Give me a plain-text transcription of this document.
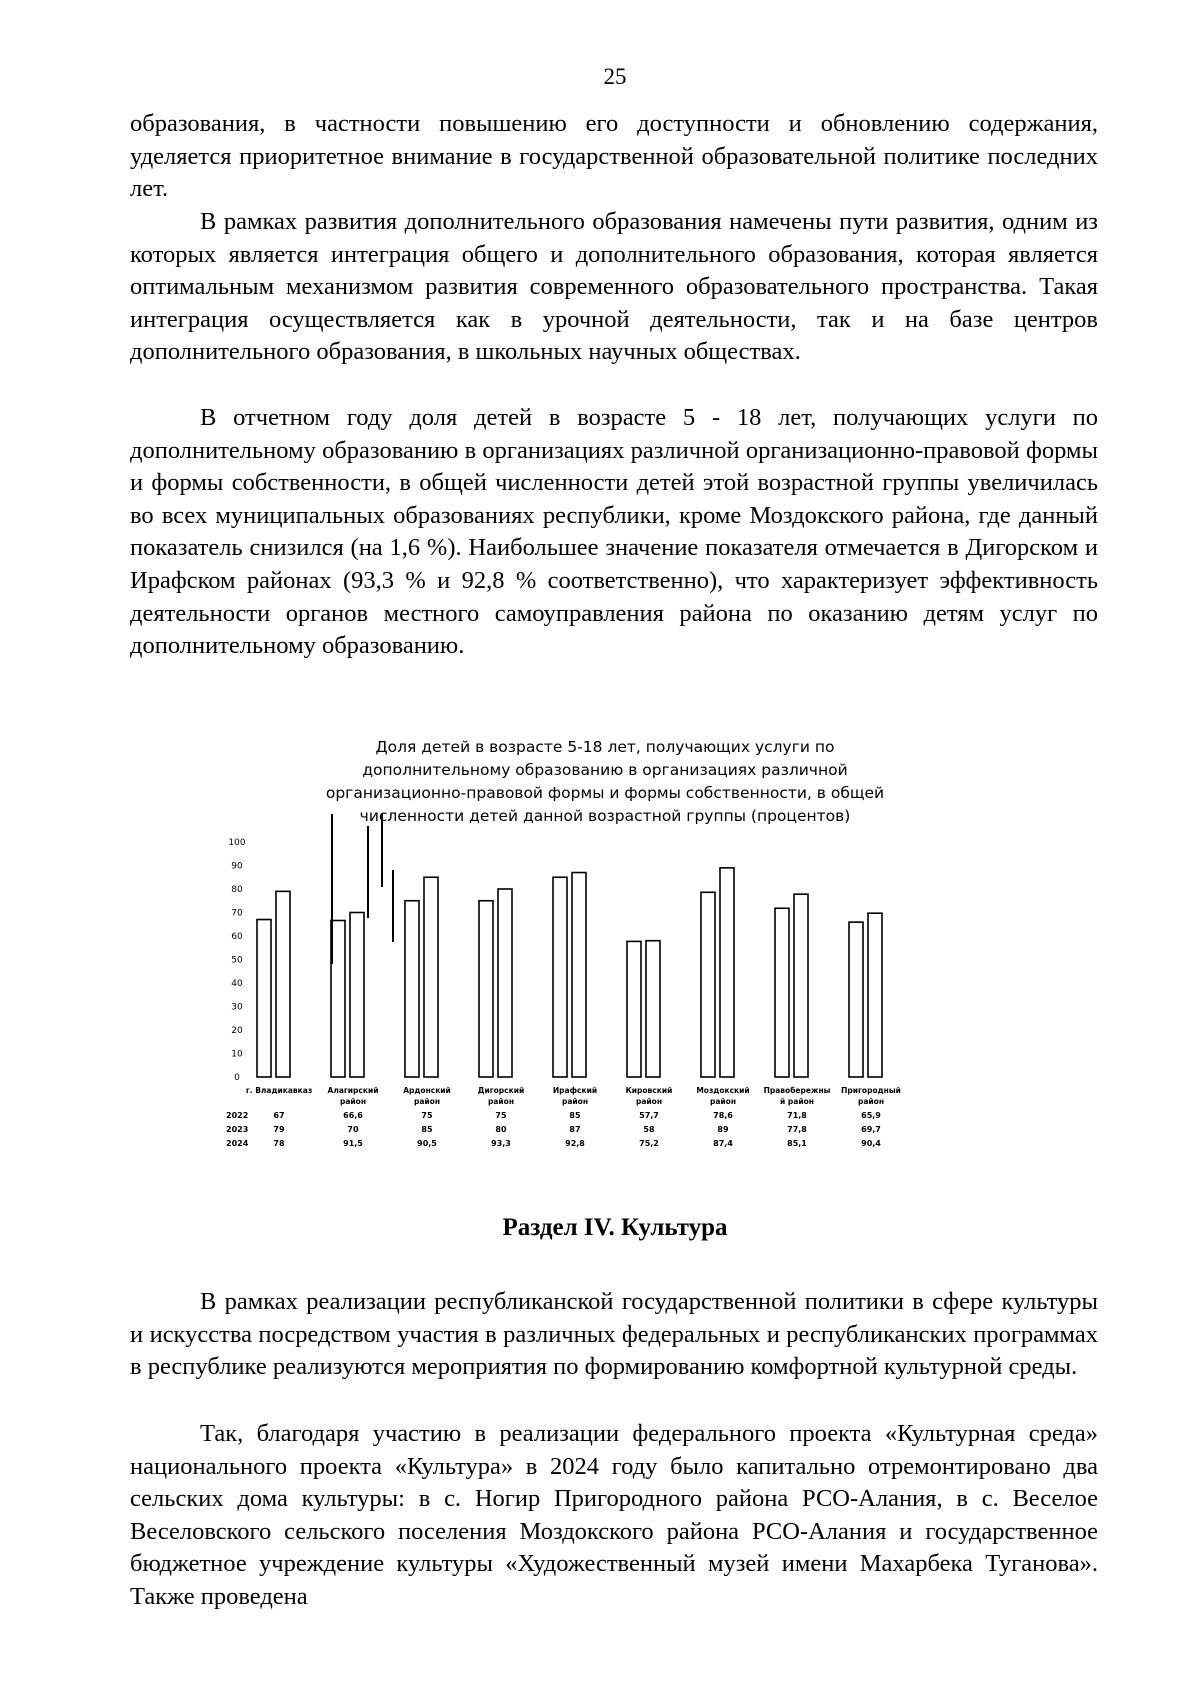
25

образования, в частности повышению его доступности и обновлению содержания, уделяется приоритетное внимание в государственной образовательной политике последних лет.

В рамках развития дополнительного образования намечены пути развития, одним из которых является интеграция общего и дополнительного образования, которая является оптимальным механизмом развития современного образовательного пространства. Такая интеграция осуществляется как в урочной деятельности, так и на базе центров дополнительного образования, в школьных научных обществах.

В отчетном году доля детей в возрасте 5 - 18 лет, получающих услуги по дополнительному образованию в организациях различной организационно-правовой формы и формы собственности, в общей численности детей этой возрастной группы увеличилась во всех муниципальных образованиях республики, кроме Моздокского района, где данный показатель снизился (на 1,6 %). Наибольшее значение показателя отмечается в Дигорском и Ирафском районах (93,3 % и 92,8 % соответственно), что характеризует эффективность деятельности органов местного самоуправления района по оказанию детям услуг по дополнительному образованию.

Доля детей в возрасте 5-18 лет, получающих услуги по
дополнительному образованию в организациях различной
организационно-правовой формы и формы собственности, в общей
численности детей данной возрастной группы (процентов)
0
10
20
30
40
50
60
70
80
90
100
г. Владикавказ Алагирский
район
Ардонский
район
Дигорский
район
Ирафский
район
Кировский
район
Моздокский
район
Правобережны
й район
Пригородный
район
2022	67	66,6	75	75	85	57,7	78,6	71,8	65,9
2023	79	70	85	80	87	58	89	77,8	69,7
2024	78	91,5	90,5	93,3	92,8	75,2	87,4	85,1	90,4
Раздел IV. Культура

В рамках реализации республиканской государственной политики в сфере культуры и искусства посредством участия в различных федеральных и республиканских программах в республике реализуются мероприятия по формированию комфортной культурной среды.

Так, благодаря участию в реализации федерального проекта «Культурная среда» национального проекта «Культура» в 2024 году было капитально отремонтировано два сельских дома культуры: в с. Ногир Пригородного района РСО-Алания, в с. Веселое Веселовского сельского поселения Моздокского района РСО-Алания и государственное бюджетное учреждение культуры «Художественный музей имени Махарбека Туганова». Также проведена
